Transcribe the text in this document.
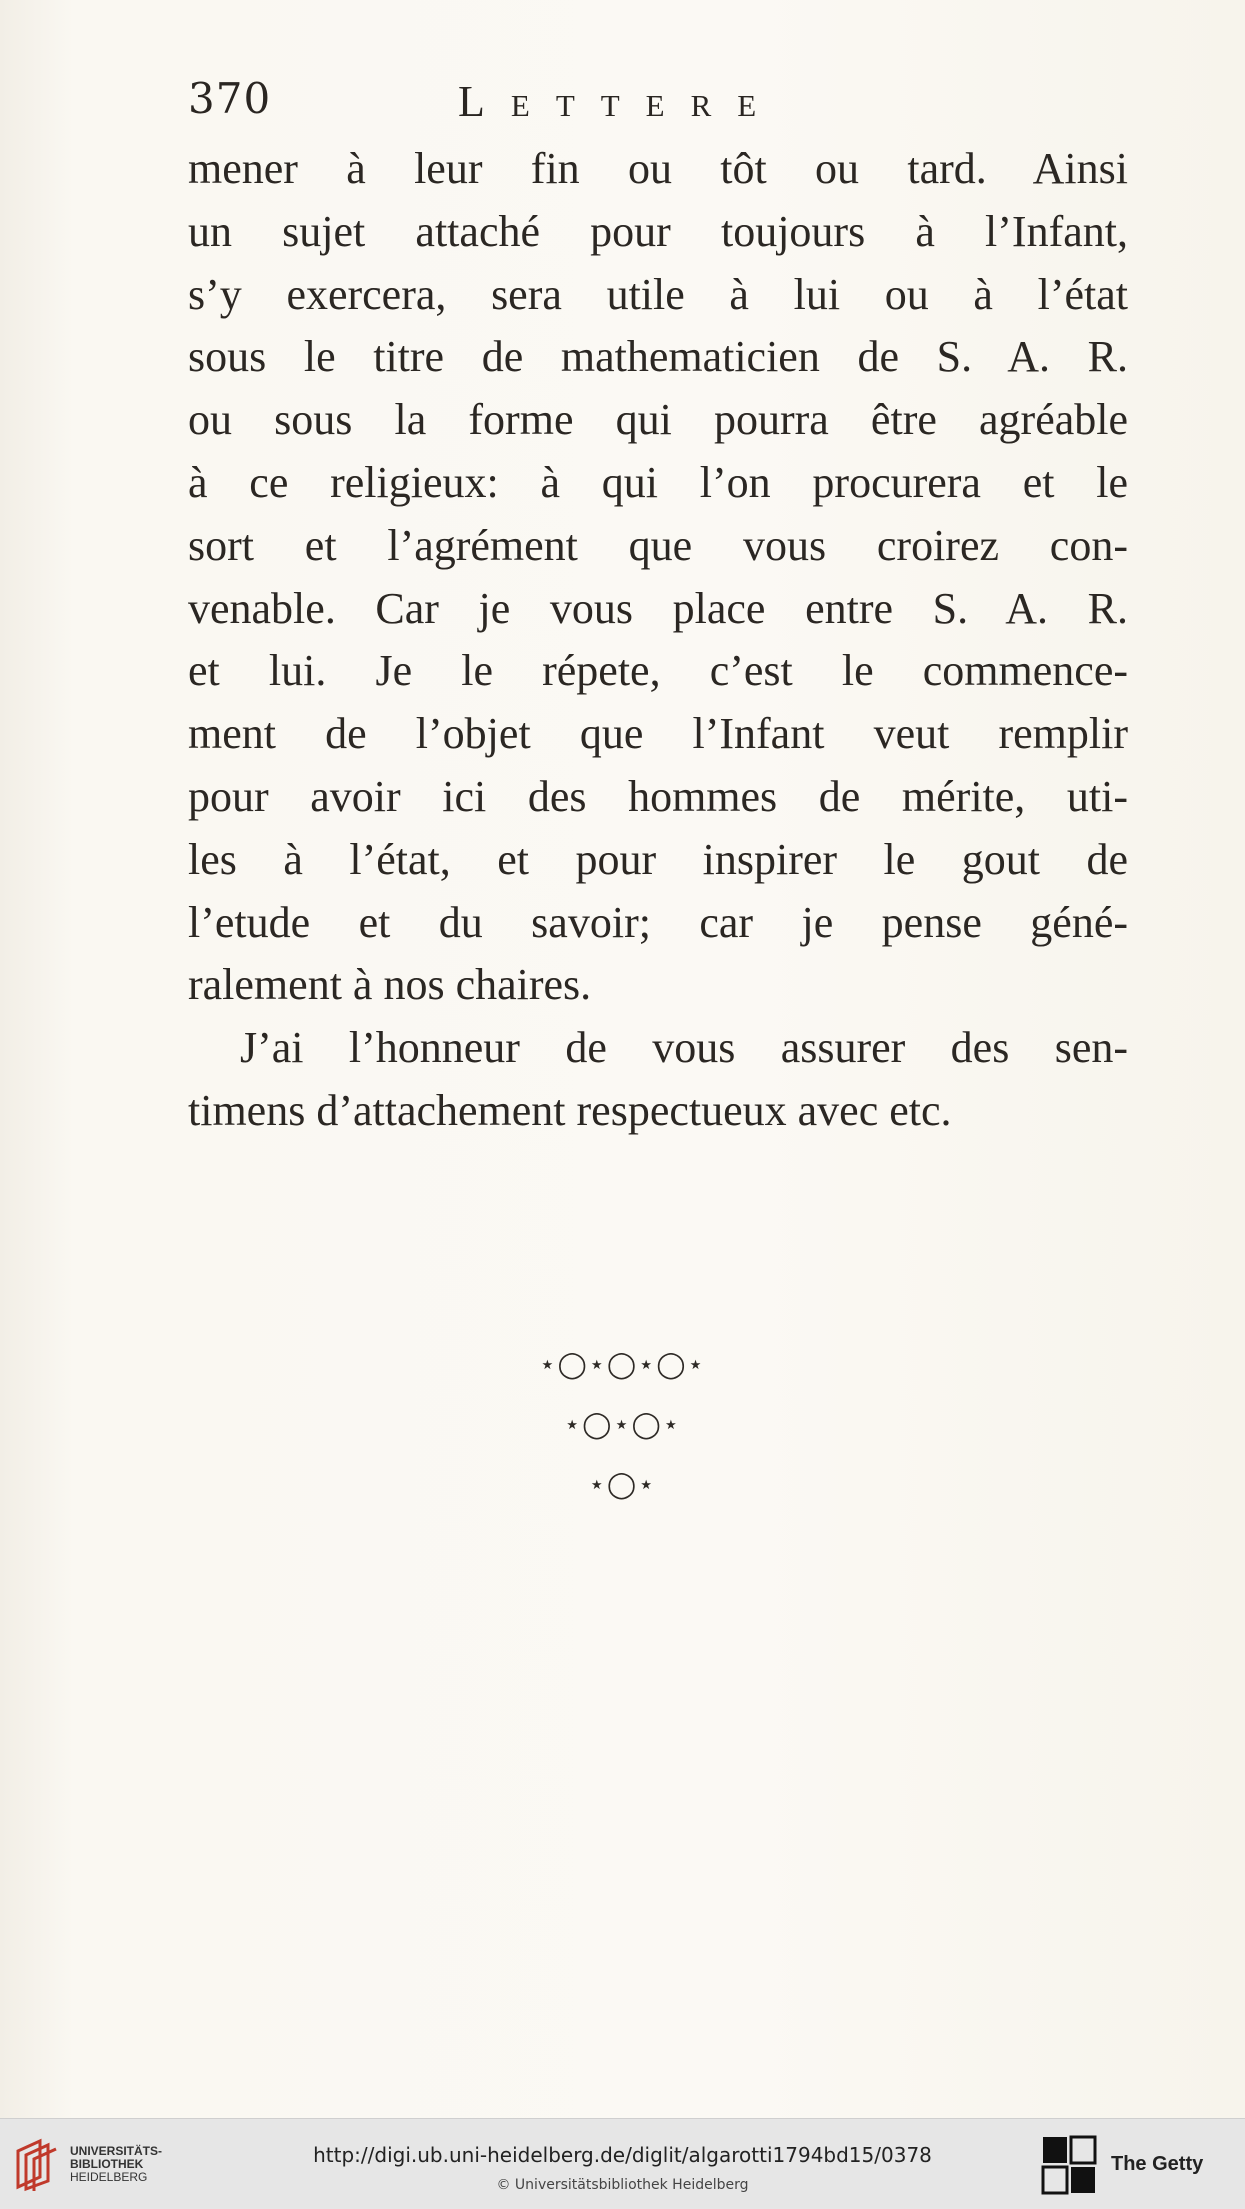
370	Lettere
mener à leur fin ou tôt ou tard. Ainsi
un sujet attaché pour toujours à l’Infant,
s’y exercera, sera utile à lui ou à l’état
sous le titre de mathematicien de S. A. R.
ou sous la forme qui pourra être agréable
à ce religieux: à qui l’on procurera et le
sort et l’agrément que vous croirez con-
venable. Car je vous place entre S. A. R.
et lui. Je le répete, c’est le commence-
ment de l’objet que l’Infant veut remplir
pour avoir ici des hommes de mérite, uti-
les à l’état, et pour inspirer le gout de
l’etude et du savoir; car je pense géné-
ralement à nos chaires.
J’ai l’honneur de vous assurer des sen-
timens d’attachement respectueux avec etc.
⋆◯⋆◯⋆◯⋆
⋆◯⋆◯⋆
⋆◯⋆
UNIVERSITÄTS-
BIBLIOTHEK
HEIDELBERG
http://digi.ub.uni-heidelberg.de/diglit/algarotti1794bd15/0378
© Universitätsbibliothek Heidelberg
The Getty
